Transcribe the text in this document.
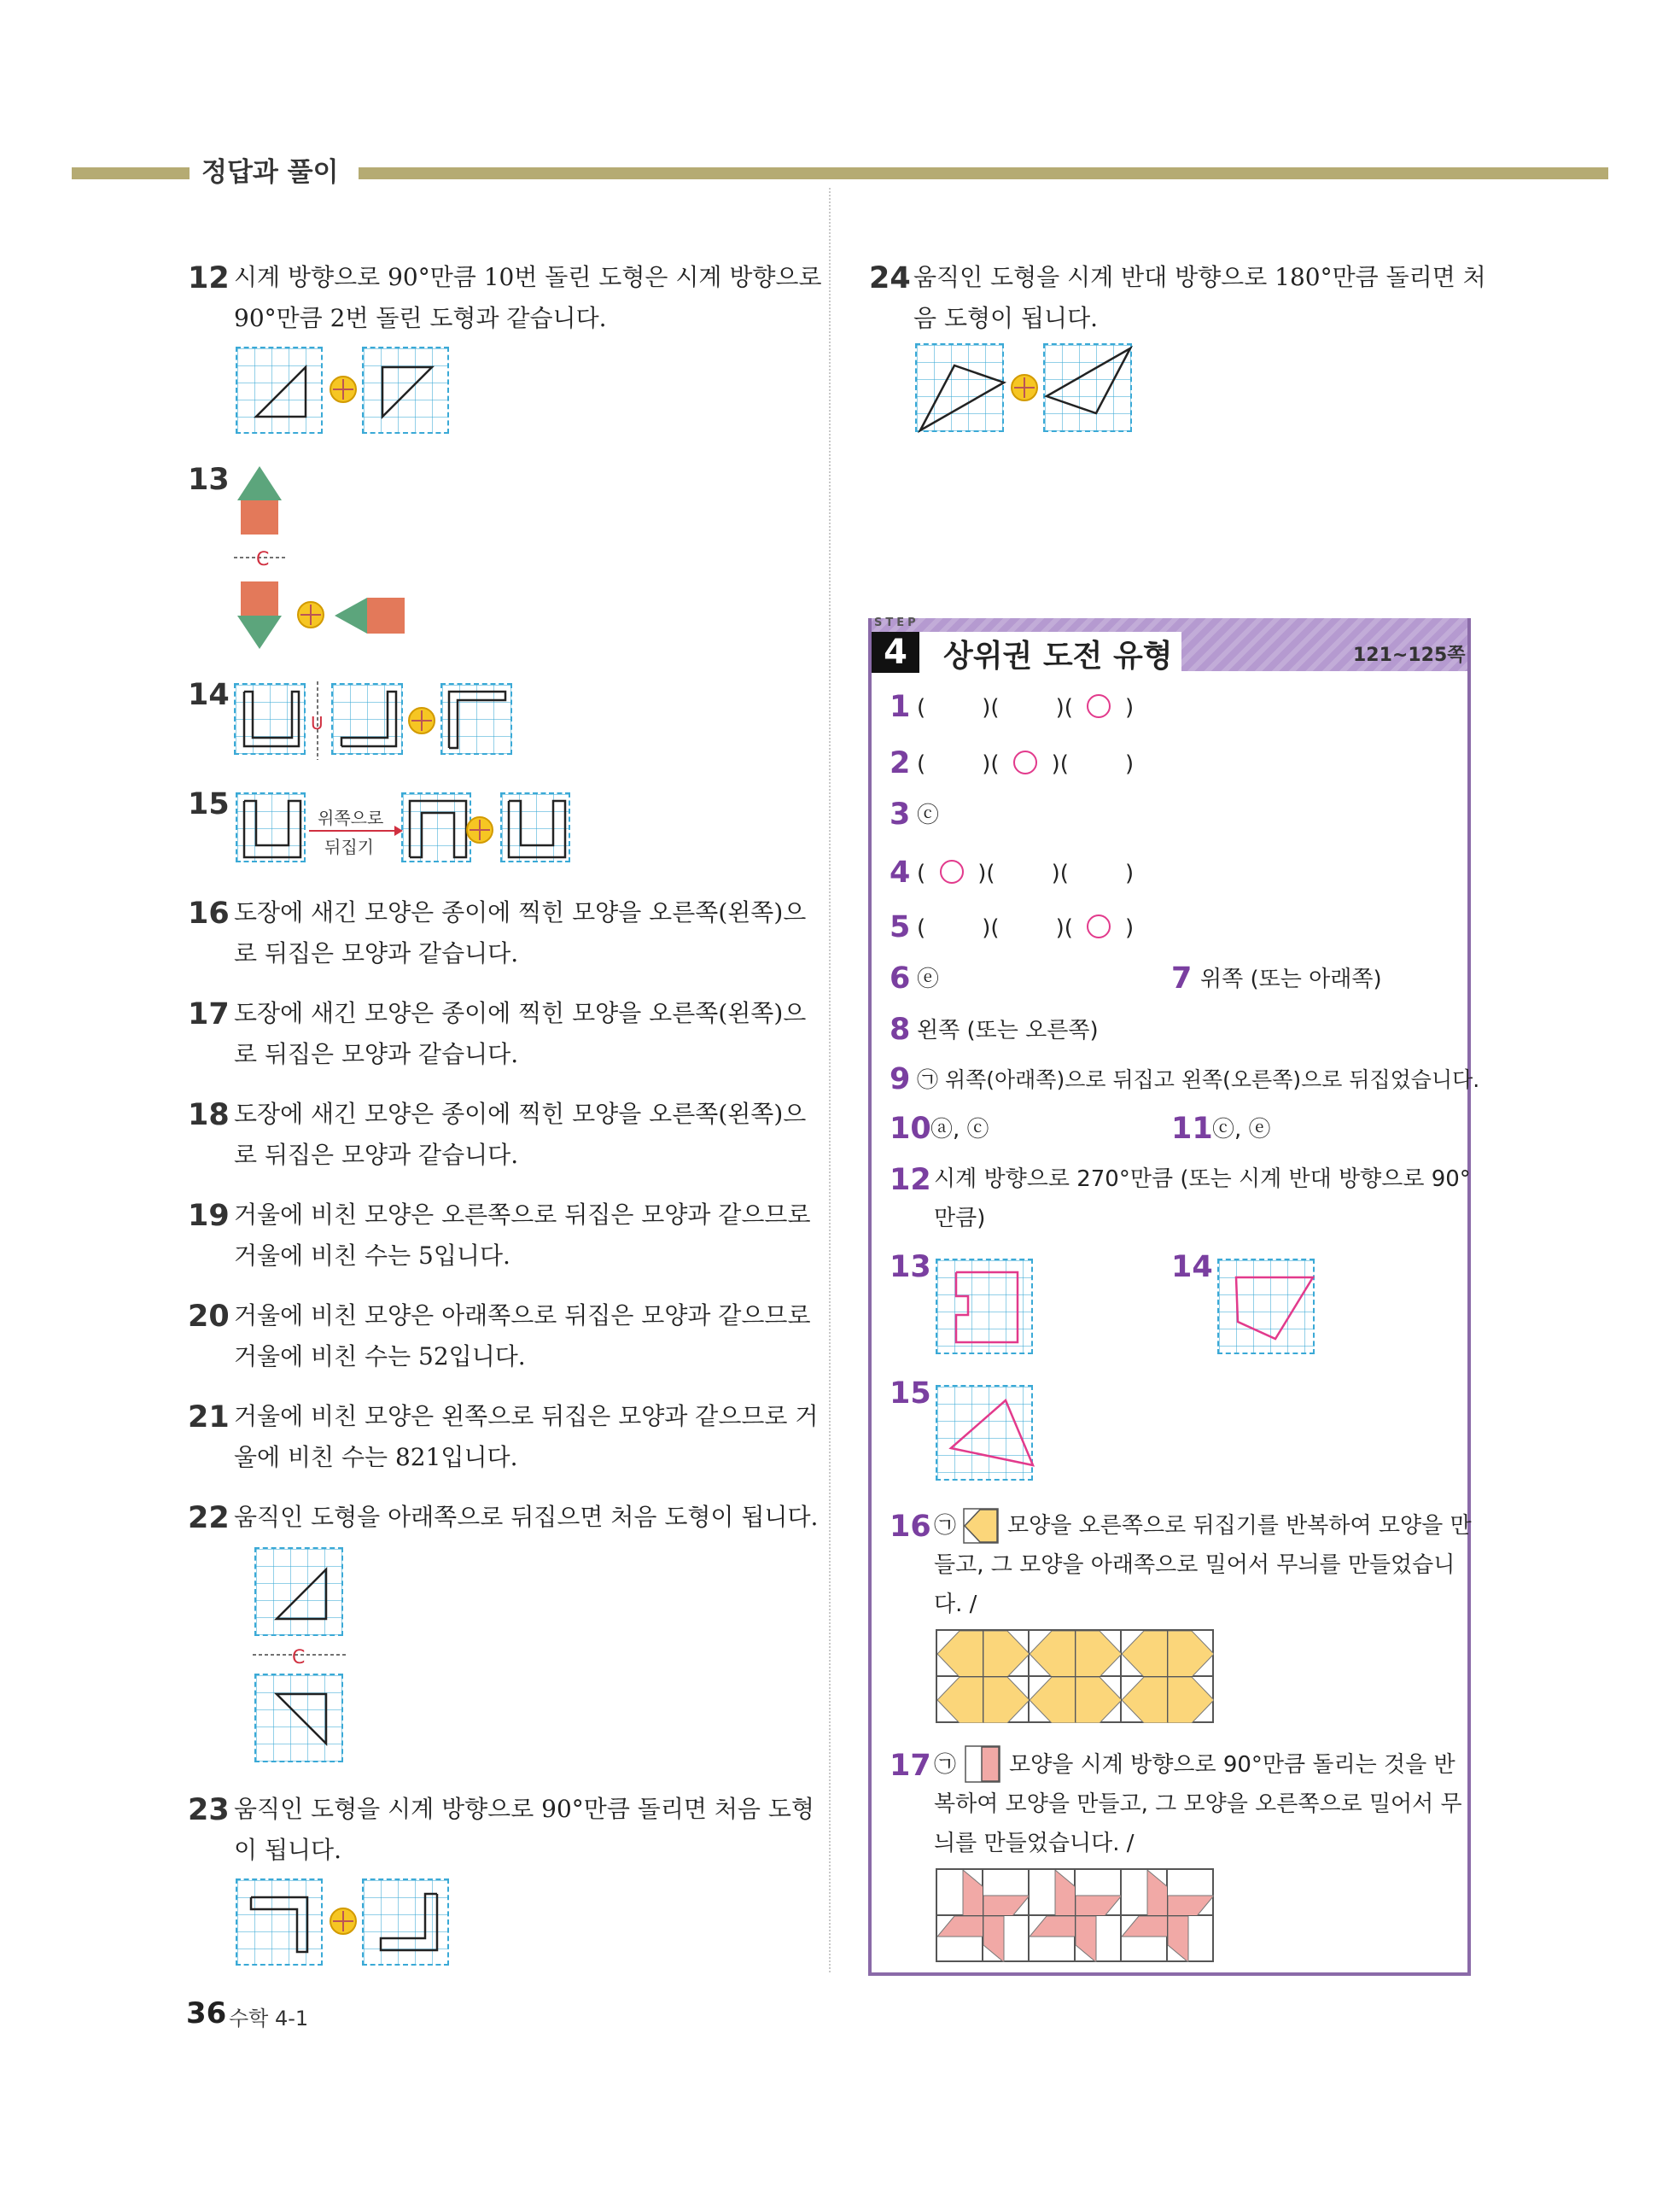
정답과 풀이
12 시계 방향으로 90°만큼 10번 돌린 도형은 시계 방향으로
90°만큼 2번 돌린 도형과 같습니다.
13
C
14
U
15	위쪽으로
뒤집기
16 도장에 새긴 모양은 종이에 찍힌 모양을 오른쪽(왼쪽)으
로 뒤집은 모양과 같습니다.
17 도장에 새긴 모양은 종이에 찍힌 모양을 오른쪽(왼쪽)으
로 뒤집은 모양과 같습니다.
18 도장에 새긴 모양은 종이에 찍힌 모양을 오른쪽(왼쪽)으
로 뒤집은 모양과 같습니다.
19 거울에 비친 모양은 오른쪽으로 뒤집은 모양과 같으므로
거울에 비친 수는 5입니다.
20 거울에 비친 모양은 아래쪽으로 뒤집은 모양과 같으므로
거울에 비친 수는 52입니다.
21 거울에 비친 모양은 왼쪽으로 뒤집은 모양과 같으므로 거
울에 비친 수는 821입니다.
22 움직인 도형을 아래쪽으로 뒤집으면 처음 도형이 됩니다.
C
23 움직인 도형을 시계 방향으로 90°만큼 돌리면 처음 도형
이 됩니다.
36 수학 4-1
24 움직인 도형을 시계 반대 방향으로 180°만큼 돌리면 처
음 도형이 됩니다.
STEP
4	상위권 도전 유형	121~125쪽
1 (        )(        )( ○ )
2 (        )( ○ )(        )
3 ⓒ
4 ( ○ )(        )(        )
5 (        )(        )( ○ )
6 ⓔ	7 위쪽 (또는 아래쪽)
8 왼쪽 (또는 오른쪽)
9 ㉠ 위쪽(아래쪽)으로 뒤집고 왼쪽(오른쪽)으로 뒤집었습니다.
10 ⓐ, ⓒ	11 ⓒ, ⓔ
12 시계 방향으로 270°만큼 (또는 시계 반대 방향으로 90°
만큼)
13	14
15
16 ㉠ 모양을 오른쪽으로 뒤집기를 반복하여 모양을 만
들고, 그 모양을 아래쪽으로 밀어서 무늬를 만들었습니
다. /
17 ㉠ 모양을 시계 방향으로 90°만큼 돌리는 것을 반
복하여 모양을 만들고, 그 모양을 오른쪽으로 밀어서 무
늬를 만들었습니다. /
